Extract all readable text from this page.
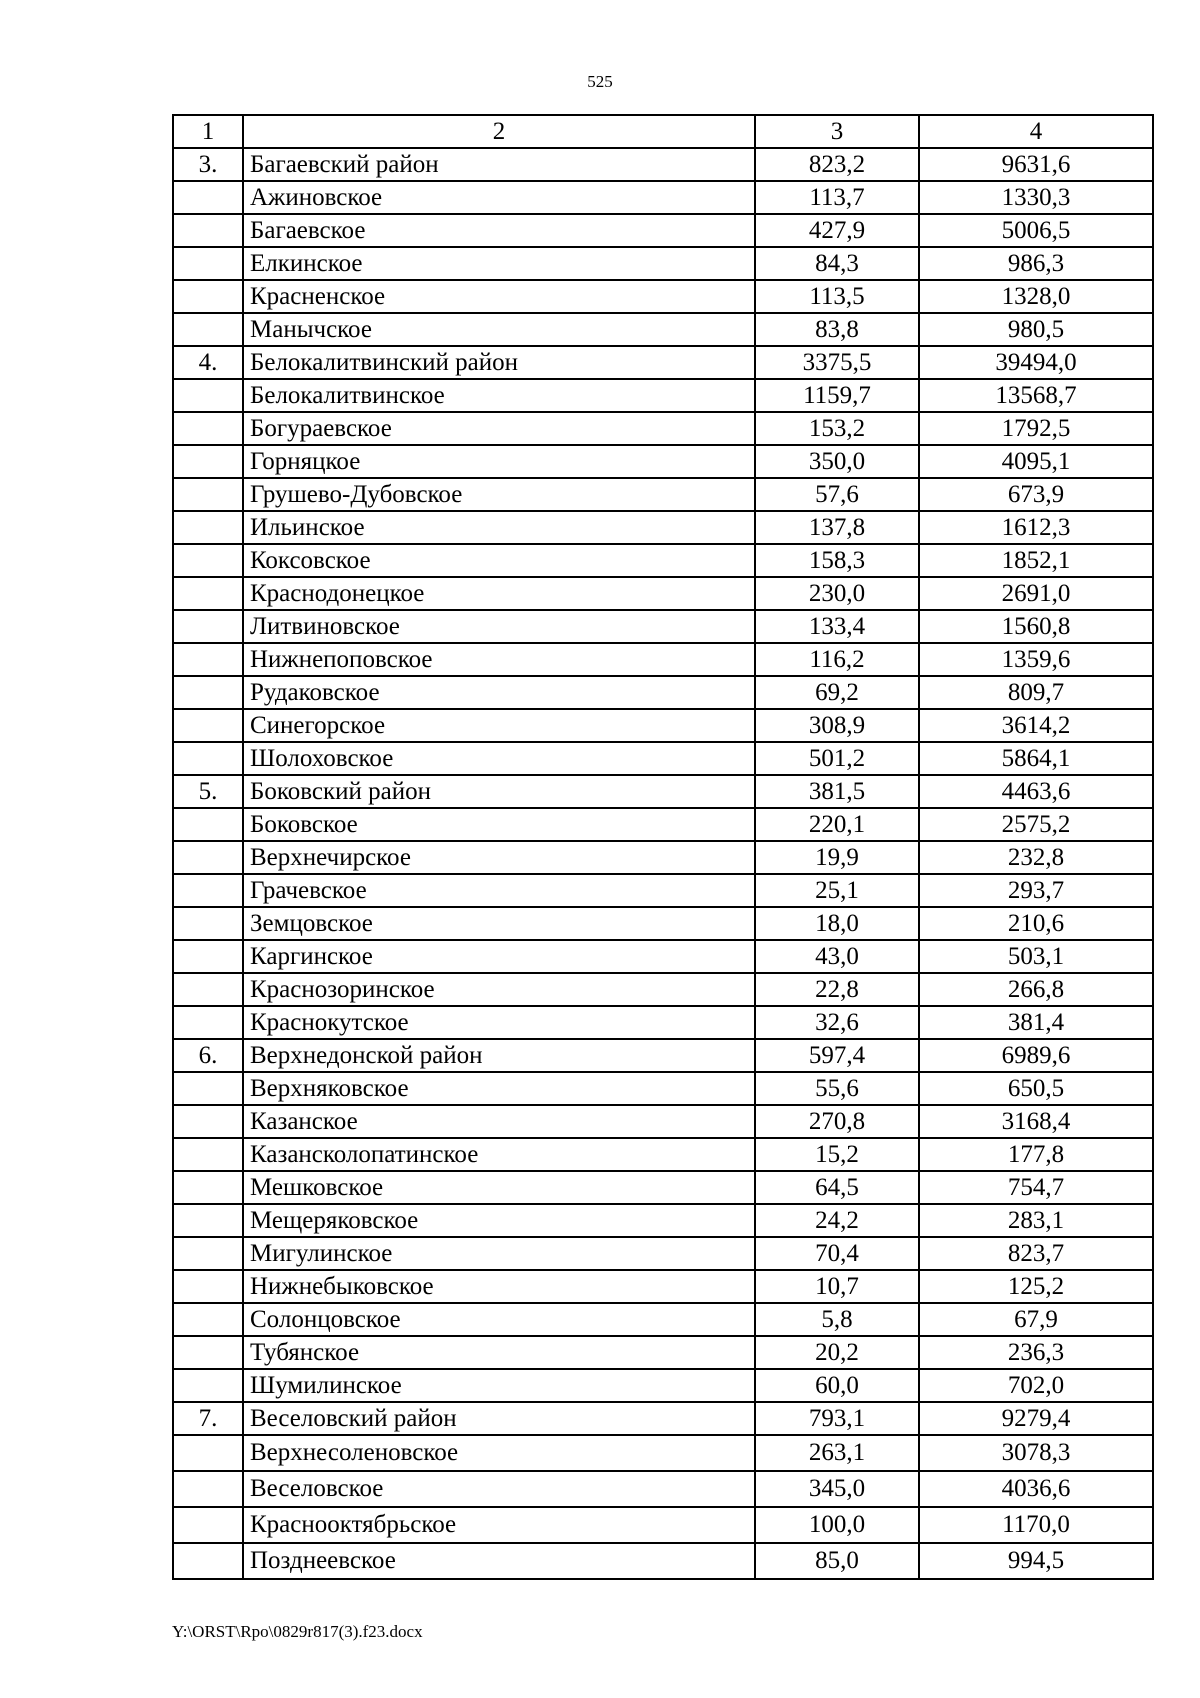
525
1	2	3	4
3.	Багаевский район	823,2	9631,6
	Ажиновское	113,7	1330,3
	Багаевское	427,9	5006,5
	Елкинское	84,3	986,3
	Красненское	113,5	1328,0
	Манычское	83,8	980,5
4.	Белокалитвинский район	3375,5	39494,0
	Белокалитвинское	1159,7	13568,7
	Богураевское	153,2	1792,5
	Горняцкое	350,0	4095,1
	Грушево-Дубовское	57,6	673,9
	Ильинское	137,8	1612,3
	Коксовское	158,3	1852,1
	Краснодонецкое	230,0	2691,0
	Литвиновское	133,4	1560,8
	Нижнепоповское	116,2	1359,6
	Рудаковское	69,2	809,7
	Синегорское	308,9	3614,2
	Шолоховское	501,2	5864,1
5.	Боковский район	381,5	4463,6
	Боковское	220,1	2575,2
	Верхнечирское	19,9	232,8
	Грачевское	25,1	293,7
	Земцовское	18,0	210,6
	Каргинское	43,0	503,1
	Краснозоринское	22,8	266,8
	Краснокутское	32,6	381,4
6.	Верхнедонской район	597,4	6989,6
	Верхняковское	55,6	650,5
	Казанское	270,8	3168,4
	Казансколопатинское	15,2	177,8
	Мешковское	64,5	754,7
	Мещеряковское	24,2	283,1
	Мигулинское	70,4	823,7
	Нижнебыковское	10,7	125,2
	Солонцовское	5,8	67,9
	Тубянское	20,2	236,3
	Шумилинское	60,0	702,0
7.	Веселовский район	793,1	9279,4
	Верхнесоленовское	263,1	3078,3
	Веселовское	345,0	4036,6
	Краснооктябрьское	100,0	1170,0
	Позднеевское	85,0	994,5
Y:\ORST\Rpo\0829r817(3).f23.docx
